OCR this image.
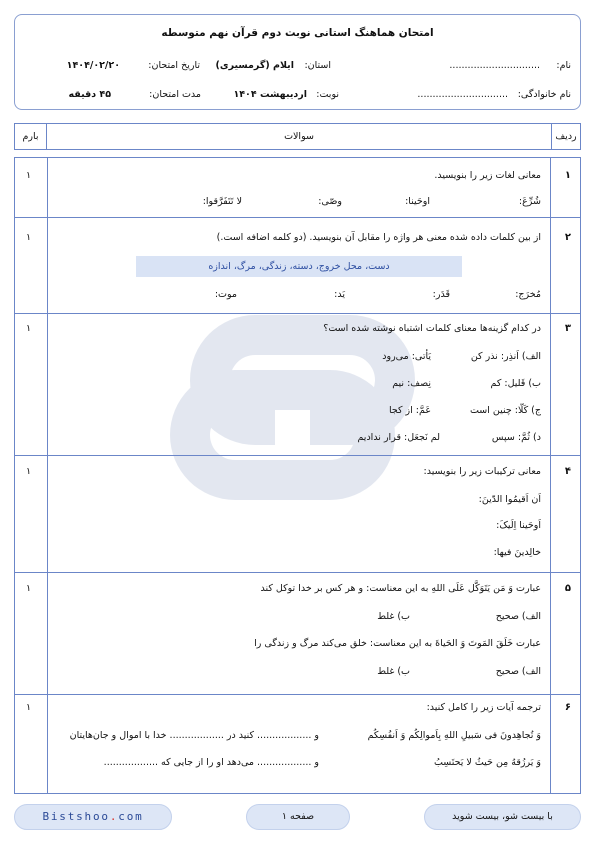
امتحان هماهنگ استانی نوبت دوم قرآن نهم متوسطه
نام:
..............................
استان:
ایلام (گرمسیری)
تاریخ امتحان:
۱۴۰۴/۰۲/۲۰
نام خانوادگی:
..............................
نوبت:
اردیبهشت ۱۴۰۴
مدت امتحان:
۴۵ دقیقه
ردیف
سوالات
بارم
۱
۱	معانی لغات زیر را بنویسید.
شُرِّعَ:
اوحَینا:
وصّی:
لا تَتَفَرَّقوا:
۲
۱	از بین کلمات داده شده معنی هر واژه را مقابل آن بنویسید. (دو کلمه اضافه است.)
دست، محل خروج، دسته، زندگی، مرگ، اندازه
مُخرَج:
قَدَر:
یَد:
موت:
۳
۱	در کدام گزینه‌ها معنای کلمات اشتباه نوشته شده است؟
الف) اَنذِر: نذر کن
یَأتی: می‌رود
ب) قَلیل: کم
نِصف: نیم
ج) کَلّا: چنین است
عَمَّ: از کجا
د) ثُمَّ: سپس
لم نَجعَل: قرار ندادیم
۴
۱	معانی ترکیبات زیر را بنویسید:
اَن اَقیمُوا الدّینَ:
اَوحَینا اِلَیکَ:
خالِدینَ فیها:
۵
۱	عبارت وَ مَن یَتَوَکَّل عَلَی اللهِ به این معناست: و هر کس بر خدا توکل کند
الف) صحیح
ب) غلط
عبارت خَلَقَ المَوتَ وَ الحَیاةَ به این معناست: خلق می‌کند مرگ و زندگی را
الف) صحیح
ب) غلط
۶
۱	ترجمه آیات زیر را کامل کنید:
وَ تُجاهِدونَ فی سَبیلِ اللهِ بِاَموالِکُم وَ اَنفُسِکُم
و .................. کنید در .................. خدا با اموال و جان‌هایتان
وَ یَرزُقهُ مِن حَیثُ لا یَحتَسِبُ
و .................. می‌دهد او را از جایی که ..................
Bistshoo.com	صفحه ۱	با بیست شو، بیست شوید
